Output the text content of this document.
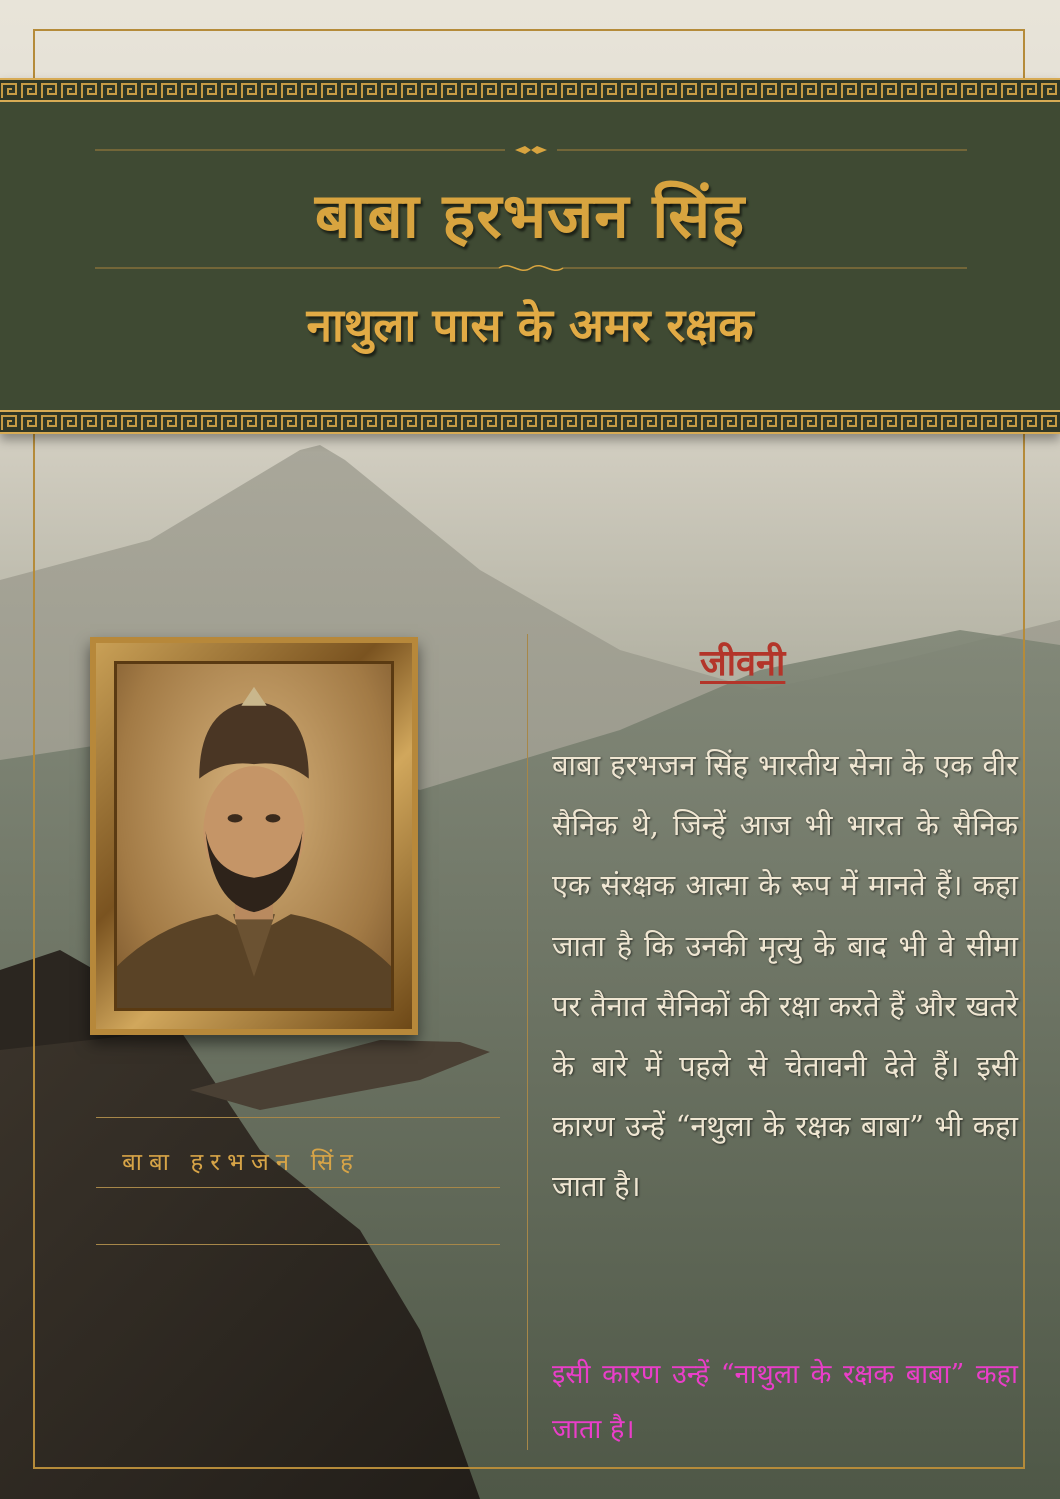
बाबा हरभजन सिंह
नाथुला पास के अमर रक्षक
बाबा हरभजन सिंह
जीवनी
बाबा हरभजन सिंह भारतीय सेना के एक वीर सैनिक थे, जिन्हें आज भी भारत के सैनिक एक संरक्षक आत्मा के रूप में मानते हैं। कहा जाता है कि उनकी मृत्यु के बाद भी वे सीमा पर तैनात सैनिकों की रक्षा करते हैं और खतरे के बारे में पहले से चेतावनी देते हैं। इसी कारण उन्हें “नथुला के रक्षक बाबा” भी कहा जाता है।
इसी कारण उन्हें “नाथुला के रक्षक बाबा” कहा जाता है।
